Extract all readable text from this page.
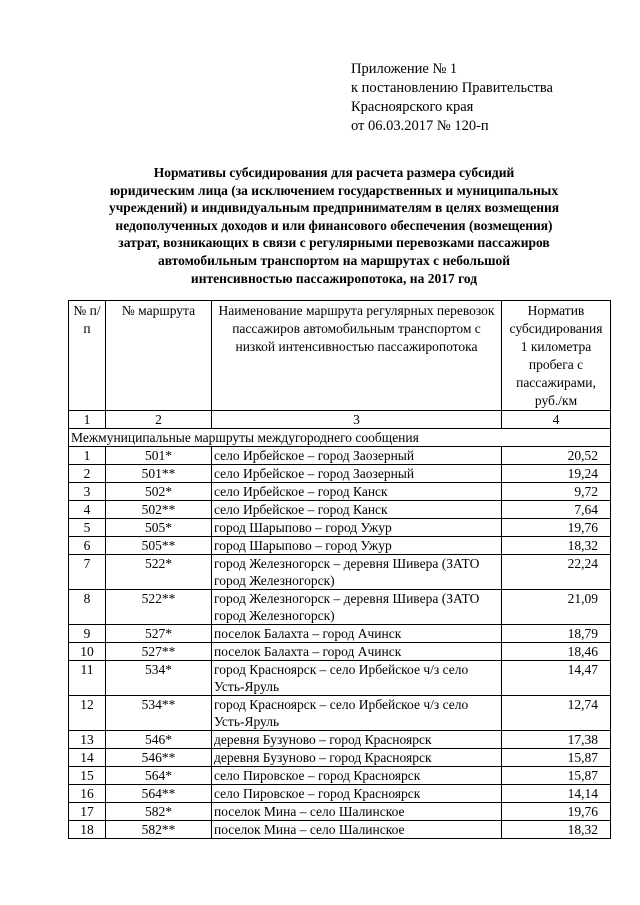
Приложение № 1
к постановлению Правительства
Красноярского края
от 06.03.2017 № 120-п
Нормативы субсидирования для расчета размера субсидий
юридическим лица (за исключением государственных и муниципальных
учреждений) и индивидуальным предпринимателям в целях возмещения
недополученных доходов и или финансового обеспечения (возмещения)
затрат, возникающих в связи с регулярными перевозками пассажиров
автомобильным транспортом на маршрутах с небольшой
интенсивностью пассажиропотока, на 2017 год
№ п/п	№ маршрута	Наименование маршрута регулярных перевозок пассажиров автомобильным транспортом с низкой интенсивностью пассажиропотока	Норматив субсидирования 1 километра пробега с пассажирами, руб./км
1	2	3	4
Межмуниципальные маршруты междугороднего сообщения			
1	501*	село Ирбейское – город Заозерный	20,52
2	501**	село Ирбейское – город Заозерный	19,24
3	502*	село Ирбейское – город Канск	9,72
4	502**	село Ирбейское – город Канск	7,64
5	505*	город Шарыпово – город Ужур	19,76
6	505**	город Шарыпово – город Ужур	18,32
7	522*	город Железногорск – деревня Шивера (ЗАТО город Железногорск)	22,24
8	522**	город Железногорск – деревня Шивера (ЗАТО город Железногорск)	21,09
9	527*	поселок Балахта – город Ачинск	18,79
10	527**	поселок Балахта – город Ачинск	18,46
11	534*	город Красноярск – село Ирбейское ч/з село Усть-Яруль	14,47
12	534**	город Красноярск – село Ирбейское ч/з село Усть-Яруль	12,74
13	546*	деревня Бузуново – город Красноярск	17,38
14	546**	деревня Бузуново – город Красноярск	15,87
15	564*	село Пировское – город Красноярск	15,87
16	564**	село Пировское – город Красноярск	14,14
17	582*	поселок Мина – село Шалинское	19,76
18	582**	поселок Мина – село Шалинское	18,32
